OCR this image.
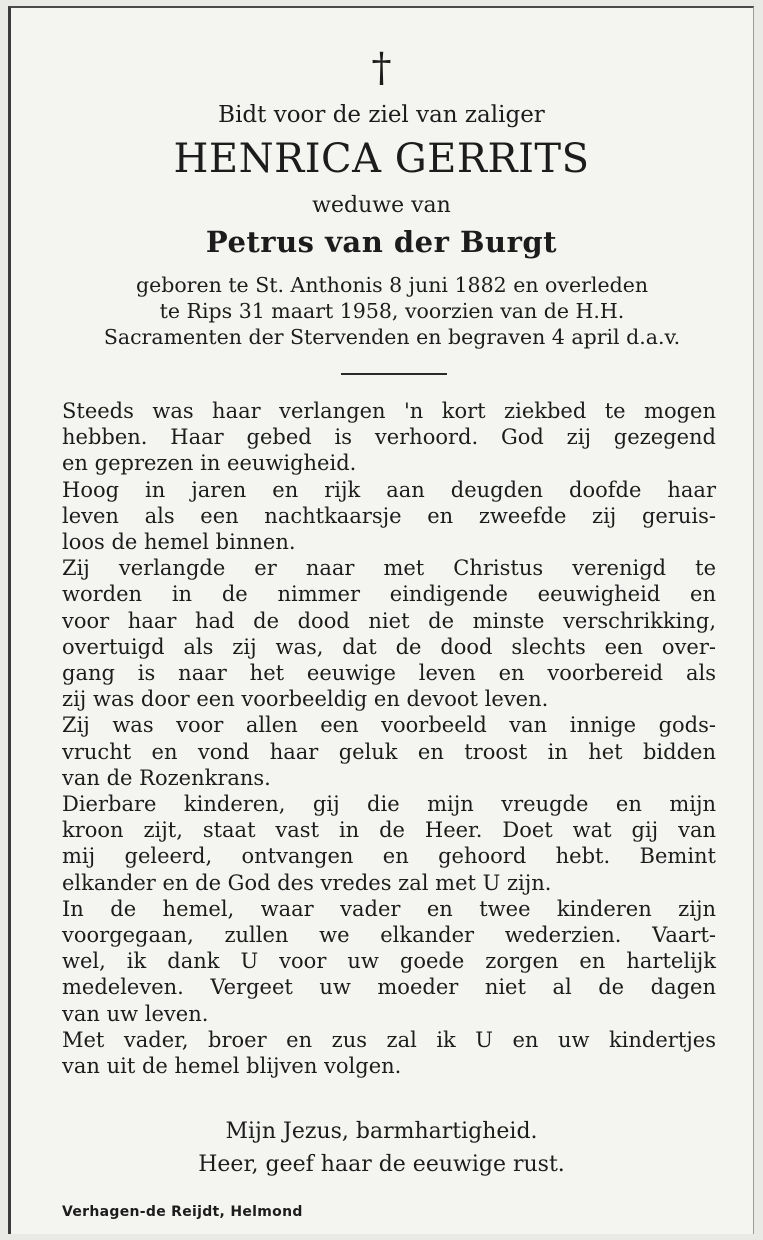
†
Bidt voor de ziel van zaliger
HENRICA GERRITS
weduwe van
Petrus van der Burgt
geboren te St. Anthonis 8 juni 1882 en overleden
te Rips 31 maart 1958, voorzien van de H.H.
Sacramenten der Stervenden en begraven 4 april d.a.v.
Steeds was haar verlangen 'n kort ziekbed te mogen
hebben. Haar gebed is verhoord. God zij gezegend
en geprezen in eeuwigheid.
Hoog in jaren en rijk aan deugden doofde haar
leven als een nachtkaarsje en zweefde zij geruis-
loos de hemel binnen.
Zij verlangde er naar met Christus verenigd te
worden in de nimmer eindigende eeuwigheid en
voor haar had de dood niet de minste verschrikking,
overtuigd als zij was, dat de dood slechts een over-
gang is naar het eeuwige leven en voorbereid als
zij was door een voorbeeldig en devoot leven.
Zij was voor allen een voorbeeld van innige gods-
vrucht en vond haar geluk en troost in het bidden
van de Rozenkrans.
Dierbare kinderen, gij die mijn vreugde en mijn
kroon zijt, staat vast in de Heer. Doet wat gij van
mij geleerd, ontvangen en gehoord hebt. Bemint
elkander en de God des vredes zal met U zijn.
In de hemel, waar vader en twee kinderen zijn
voorgegaan, zullen we elkander wederzien. Vaart-
wel, ik dank U voor uw goede zorgen en hartelijk
medeleven. Vergeet uw moeder niet al de dagen
van uw leven.
Met vader, broer en zus zal ik U en uw kindertjes
van uit de hemel blijven volgen.
Mijn Jezus, barmhartigheid.
Heer, geef haar de eeuwige rust.
Verhagen-de Reijdt, Helmond
